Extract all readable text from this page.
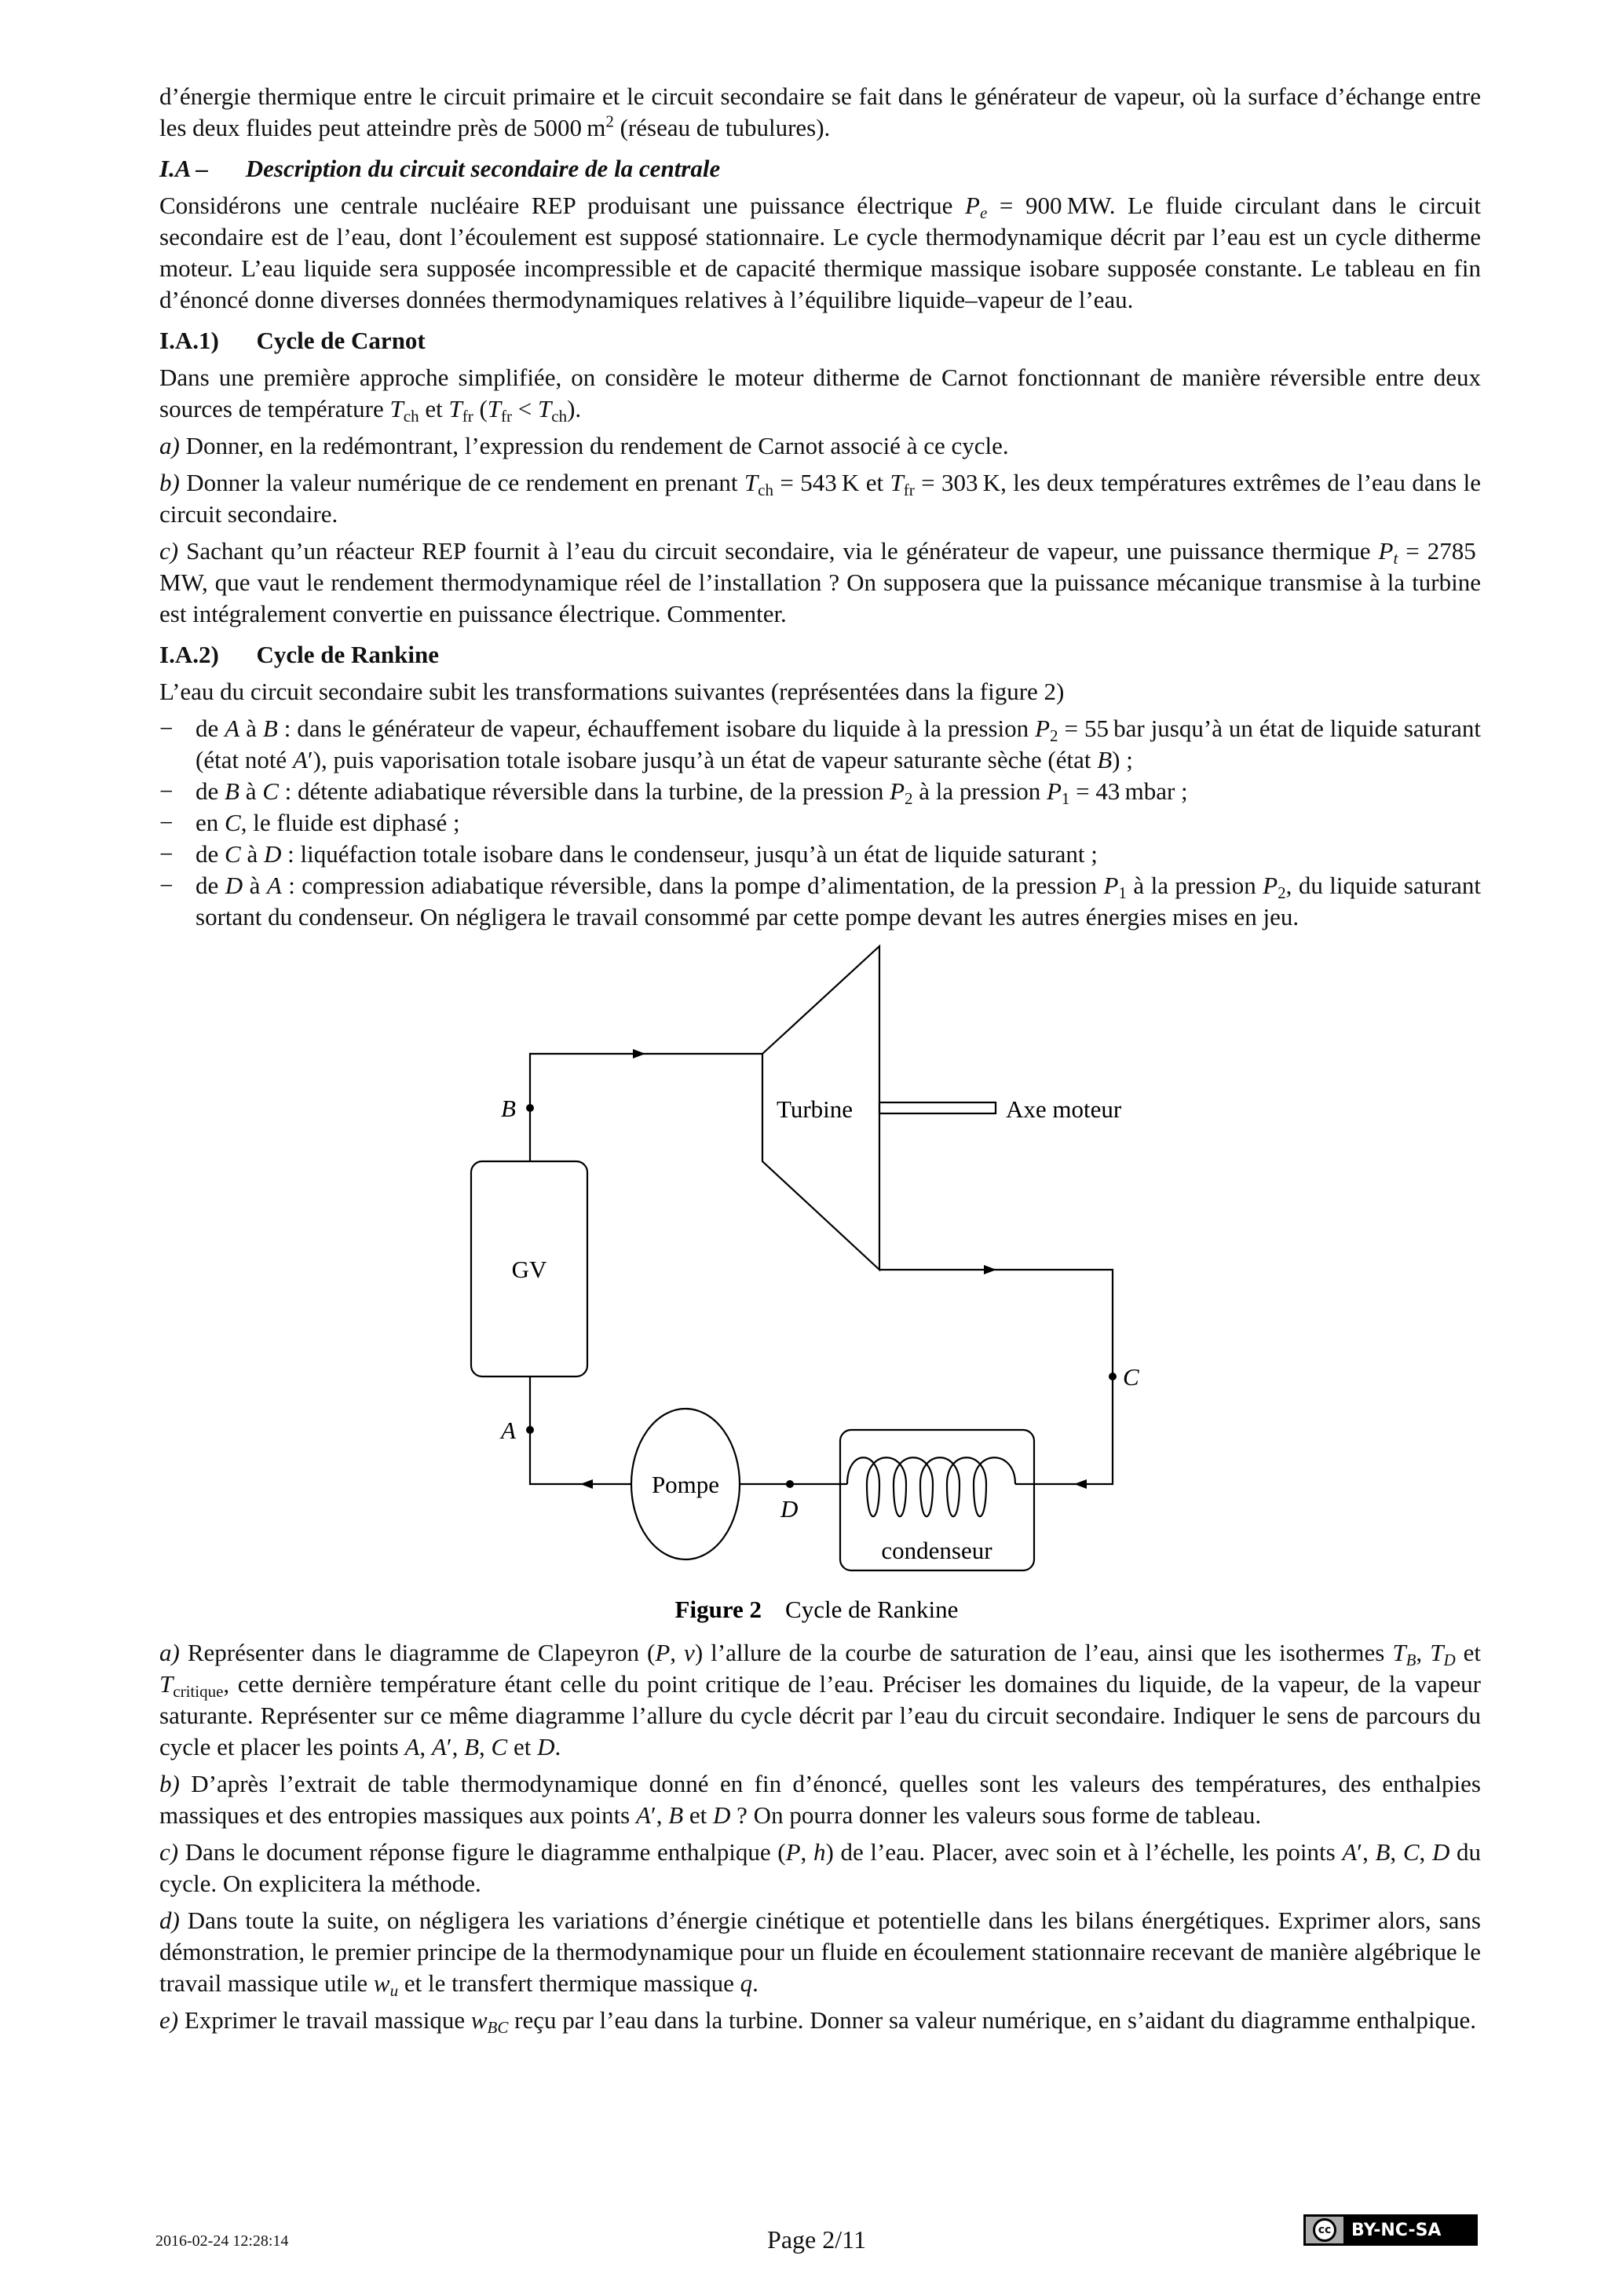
d’énergie thermique entre le circuit primaire et le circuit secondaire se fait dans le générateur de vapeur, où la surface d’échange entre les deux fluides peut atteindre près de 5000 $m^2$ (réseau de tubulures).
I.A – Description du circuit secondaire de la centrale
Considérons une centrale nucléaire REP produisant une puissance électrique $P_e = 900$ MW. Le fluide circulant dans le circuit secondaire est de l’eau, dont l’écoulement est supposé stationnaire. Le cycle thermodynamique décrit par l’eau est un cycle ditherme moteur. L’eau liquide sera supposée incompressible et de capacité thermique massique isobare supposée constante. Le tableau en fin d’énoncé donne diverses données thermodynamiques relatives à l’équilibre liquide–vapeur de l’eau.
I.A.1) Cycle de Carnot
Dans une première approche simplifiée, on considère le moteur ditherme de Carnot fonctionnant de manière réversible entre deux sources de température $T_{ch}$ et $T_{fr}$ $(T_{fr} < T_{ch})$.
a) Donner, en la redémontrant, l’expression du rendement de Carnot associé à ce cycle.
b) Donner la valeur numérique de ce rendement en prenant $T_{ch} = 543$ K et $T_{fr} = 303$ K, les deux températures extrêmes de l’eau dans le circuit secondaire.
c) Sachant qu’un réacteur REP fournit à l’eau du circuit secondaire, via le générateur de vapeur, une puissance thermique $P_t = 2785$ MW, que vaut le rendement thermodynamique réel de l’installation ? On supposera que la puissance mécanique transmise à la turbine est intégralement convertie en puissance électrique. Commenter.
I.A.2) Cycle de Rankine
L’eau du circuit secondaire subit les transformations suivantes (représentées dans la figure 2)
− de A à B : dans le générateur de vapeur, échauffement isobare du liquide à la pression $P_2 = 55$ bar jusqu’à un état de liquide saturant (état noté A′), puis vaporisation totale isobare jusqu’à un état de vapeur saturante sèche (état B) ;
− de B à C : détente adiabatique réversible dans la turbine, de la pression $P_2$ à la pression $P_1 = 43$ mbar ;
− en C, le fluide est diphasé ;
− de C à D : liquéfaction totale isobare dans le condenseur, jusqu’à un état de liquide saturant ;
− de D à A : compression adiabatique réversible, dans la pompe d’alimentation, de la pression $P_1$ à la pression $P_2$, du liquide saturant sortant du condenseur. On négligera le travail consommé par cette pompe devant les autres énergies mises en jeu.
B
A
C
D
GV
Turbine	Axe moteur
Pompe
condenseur
Figure 2 Cycle de Rankine
a) Représenter dans le diagramme de Clapeyron (P, v) l’allure de la courbe de saturation de l’eau, ainsi que les isothermes $T_B$, $T_D$ et $T_{critique}$, cette dernière température étant celle du point critique de l’eau. Préciser les domaines du liquide, de la vapeur, de la vapeur saturante. Représenter sur ce même diagramme l’allure du cycle décrit par l’eau du circuit secondaire. Indiquer le sens de parcours du cycle et placer les points A, A′, B, C et D.
b) D’après l’extrait de table thermodynamique donné en fin d’énoncé, quelles sont les valeurs des températures, des enthalpies massiques et des entropies massiques aux points A′, B et D ? On pourra donner les valeurs sous forme de tableau.
c) Dans le document réponse figure le diagramme enthalpique (P, h) de l’eau. Placer, avec soin et à l’échelle, les points A′, B, C, D du cycle. On explicitera la méthode.
d) Dans toute la suite, on négligera les variations d’énergie cinétique et potentielle dans les bilans énergétiques. Exprimer alors, sans démonstration, le premier principe de la thermodynamique pour un fluide en écoulement stationnaire recevant de manière algébrique le travail massique utile $w_u$ et le transfert thermique massique q.
e) Exprimer le travail massique $w_{BC}$ reçu par l’eau dans la turbine. Donner sa valeur numérique, en s’aidant du diagramme enthalpique.
2016-02-24 12:28:14	Page 2/11	cc	BY-NC-SA
